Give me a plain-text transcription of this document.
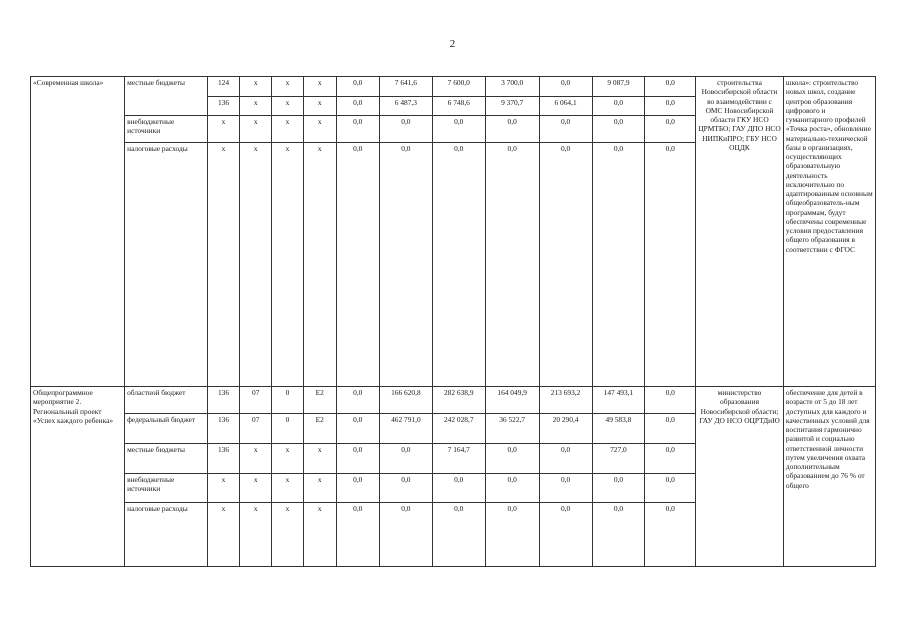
2
«Современная школа»	местные бюджеты	124	х	х	х	0,0	7 641,6	7 600,0	3 700,0	0,0	9 087,9	0,0	строительства Новосибирской области во взаимодействии с ОМС Новосибирской области ГКУ НСО ЦРМТБО; ГАУ ДПО НСО НИПКиПРО; ГБУ НСО ОЦДК	школа»: строительство новых школ, создание центров образования цифрового и гуманитарного профилей «Точка роста», обновление материально-технической базы в организациях, осуществляющих образовательную деятельность исключительно по адаптированным основным общеобразователь-ным программам, будут обеспечены современные условия предоставления общего образования в соответствии с ФГОС
		136	х	х	х	0,0	6 487,3	6 748,6	9 370,7	6 064,1	0,0	0,0		
	внебюджетные источники	х	х	х	х	0,0	0,0	0,0	0,0	0,0	0,0	0,0		
	налоговые расходы	х	х	х	х	0,0	0,0	0,0	0,0	0,0	0,0	0,0		
Общепрограммное мероприятие 2. Региональный проект «Успех каждого ребенка»	областной бюджет	136	07	0	Е2	0,0	166 620,8	282 638,9	164 049,9	213 693,2	147 493,1	0,0	министерство образования Новосибирской области; ГАУ ДО НСО ОЦРТДиЮ	обеспечение для детей в возрасте от 5 до 18 лет доступных для каждого и качественных условий для воспитания гармонично развитой и социально ответственной личности путем увеличения охвата дополнительным образованием до 76 % от общего
	федеральный бюджет	136	07	0	Е2	0,0	462 791,0	242 028,7	36 522,7	20 290,4	49 583,8	0,0		
	местные бюджеты	136	х	х	х	0,0	0,0	7 164,7	0,0	0,0	727,0	0,0		
	внебюджетные источники	х	х	х	х	0,0	0,0	0,0	0,0	0,0	0,0	0,0		
	налоговые расходы	х	х	х	х	0,0	0,0	0,0	0,0	0,0	0,0	0,0		
